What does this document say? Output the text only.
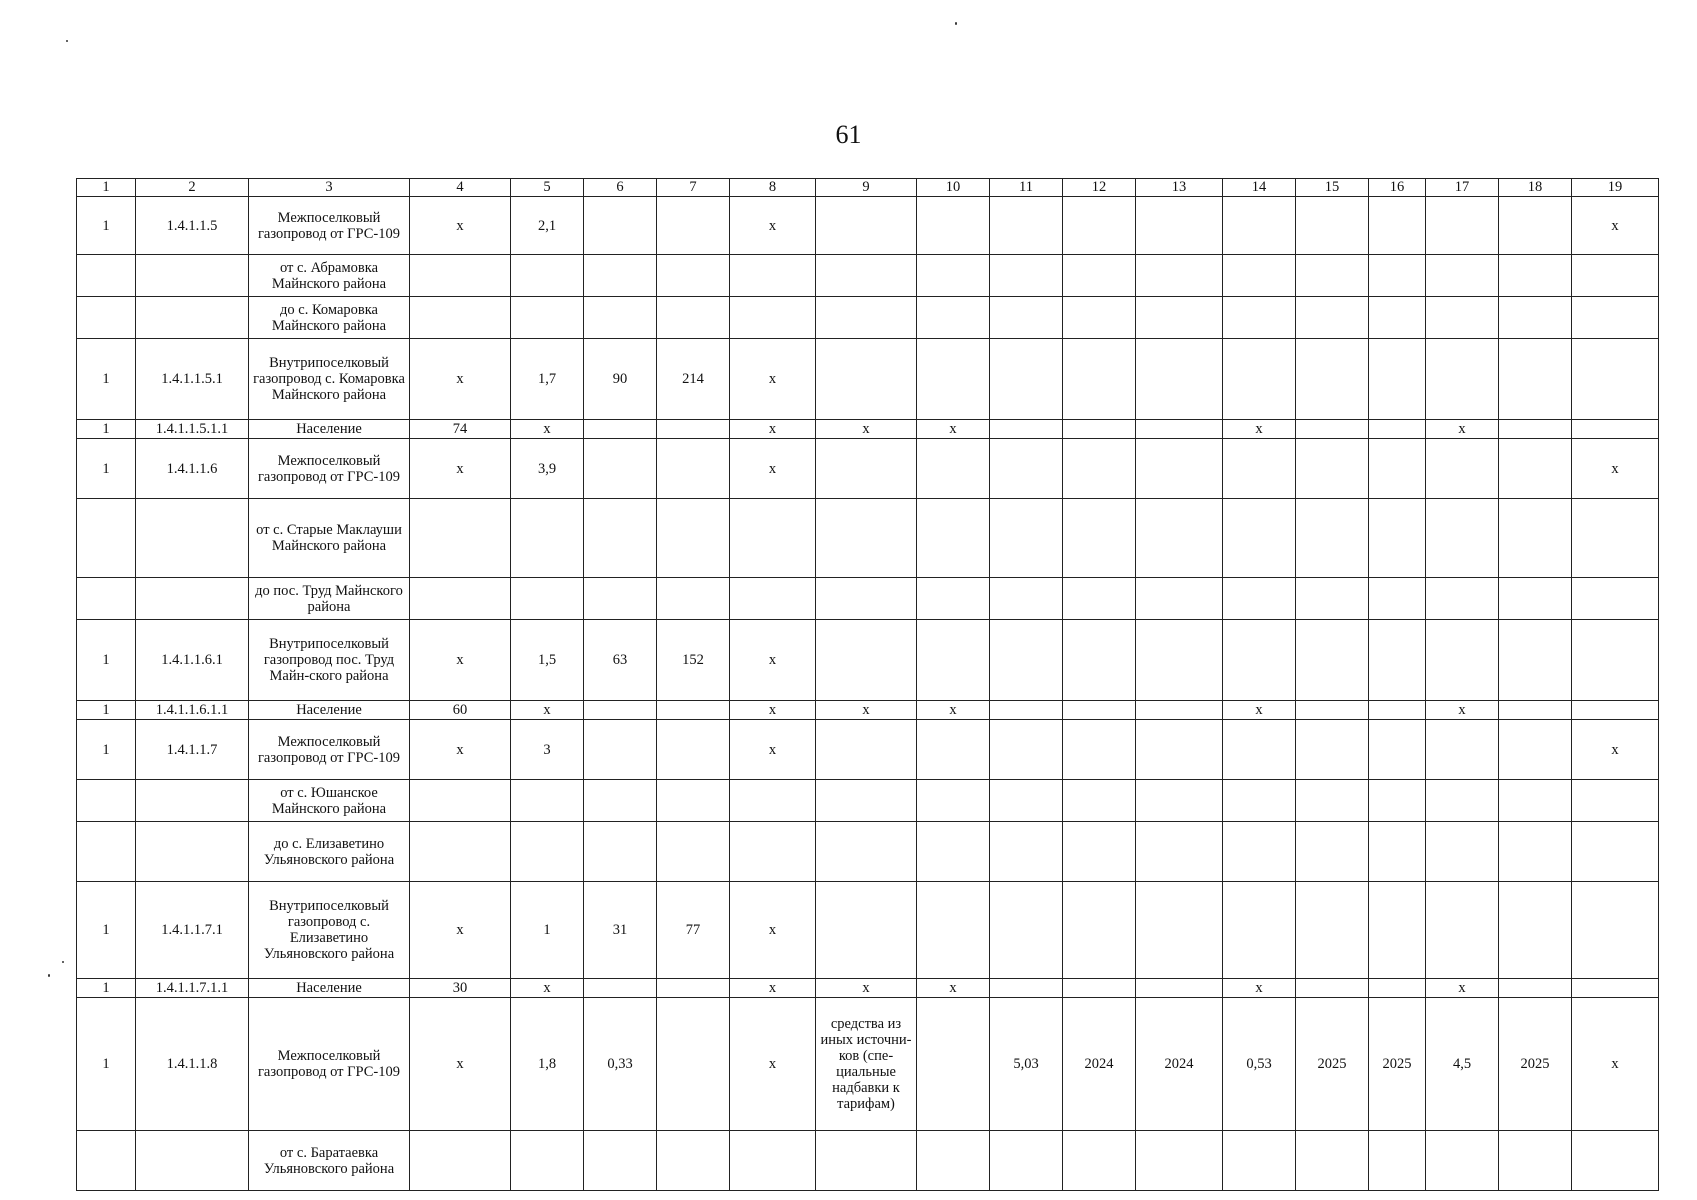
61
1	2	3	4	5	6	7	8	9	10	11	12	13	14	15	16	17	18	19
1	1.4.1.1.5	Межпоселковый газопровод от ГРС-109	x	2,1			x											x
		от с. Абрамовка Майнского района																
		до с. Комаровка Майнского района																
1	1.4.1.1.5.1	Внутрипоселковый газопровод с. Комаровка Майнского района	x	1,7	90	214	x											
1	1.4.1.1.5.1.1	Население	74	x			x	x	x				x			x		
1	1.4.1.1.6	Межпоселковый газопровод от ГРС-109	x	3,9			x											x
		от с. Старые Маклауши Майнского района																
		до пос. Труд Майнского района																
1	1.4.1.1.6.1	Внутрипоселковый газопровод пос. Труд Майн-ского района	x	1,5	63	152	x											
1	1.4.1.1.6.1.1	Население	60	x			x	x	x				x			x		
1	1.4.1.1.7	Межпоселковый газопровод от ГРС-109	x	3			x											x
		от с. Юшанское Майнского района																
		до с. Елизаветино Ульяновского района																
1	1.4.1.1.7.1	Внутрипоселковый газопровод с. Елизаветино Ульяновского района	x	1	31	77	x											
1	1.4.1.1.7.1.1	Население	30	x			x	x	x				x			x		
1	1.4.1.1.8	Межпоселковый газопровод от ГРС-109	x	1,8	0,33		x	средства из иных источни-ков (спе-циальные надбавки к тарифам)		5,03	2024	2024	0,53	2025	2025	4,5	2025	x
		от с. Баратаевка Ульяновского района																
